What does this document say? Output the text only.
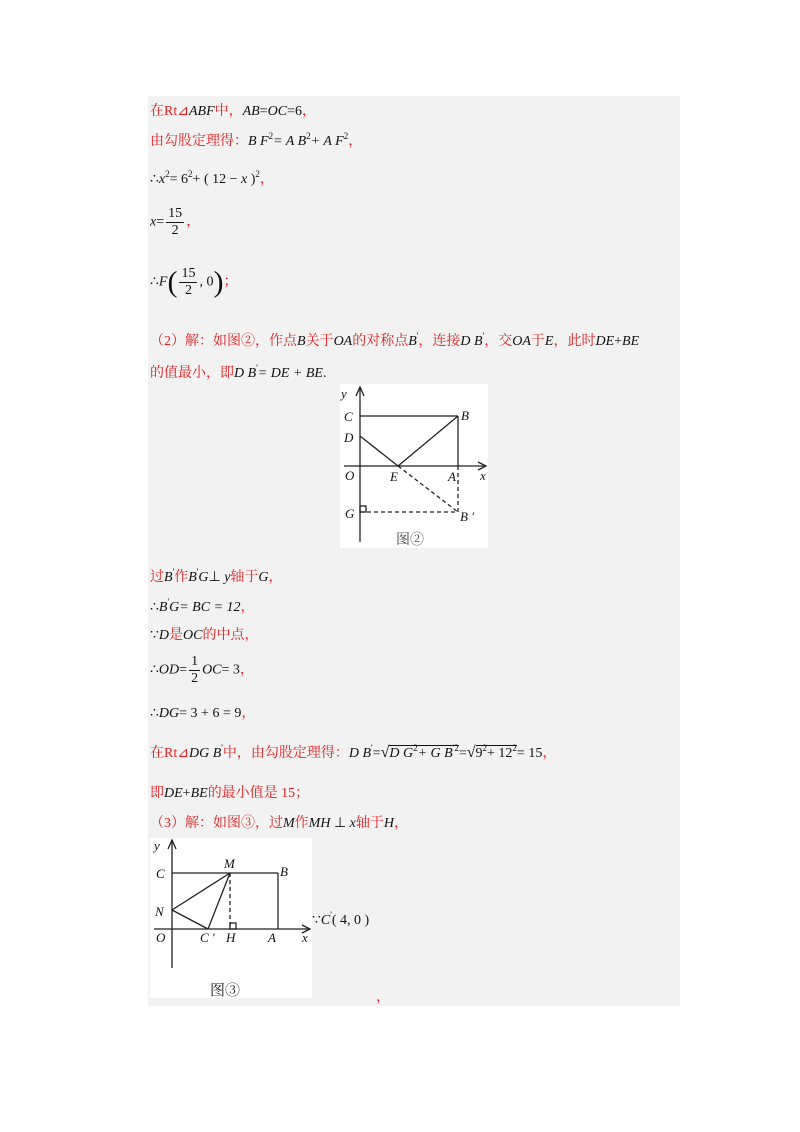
在Rt⊿ABF中，AB=OC=6，
由勾股定理得：B $F^2= A$ $B^2+ A$ $F^2$，
$\therefore x^2= 6^2+$ ( 12 − x )$^2$，
$x= \frac{15}{2}$ ，
∴F( $\frac{15}{2}$ , 0)；
（2）解：如图②，作点B关于OA的对称点B'，连接D B'，交OA于E，此时DE+BE
的值最小，即D B'= DE + BE.
y
C	B
D
O	E	A x
G	B ′
图②
过B'作B'G⊥ y轴于G，
∴B'G= BC = 12，
∵D是OC的中点，
∴OD= $\frac{1}{2} OC= 3$，
∴DG= 3 + 6 = 9，
在Rt⊿DG B'中，由勾股定理得：D B'=√D $G^2+ G$ $B^{'2}=√9^2+ 12^2= 15$，
即DE+BE的最小值是 15；
（3）解：如图③，过M作MH ⊥ x轴于H，
y
C
M
B
N
O	C ′ H	A x
图③
∵C'( 4, 0 )
，
